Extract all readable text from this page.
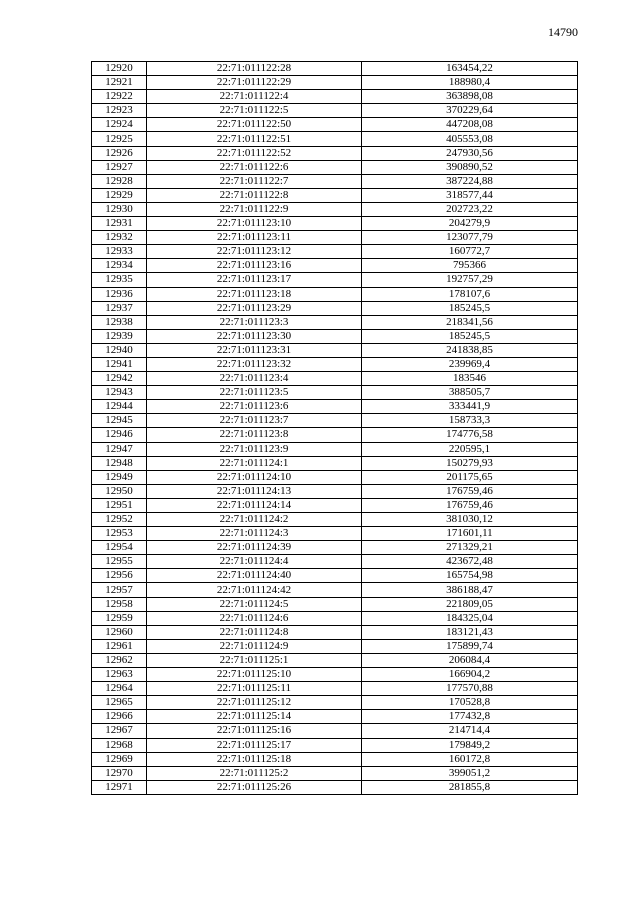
14790
12920	22:71:011122:28	163454,22
12921	22:71:011122:29	188980,4
12922	22:71:011122:4	363898,08
12923	22:71:011122:5	370229,64
12924	22:71:011122:50	447208,08
12925	22:71:011122:51	405553,08
12926	22:71:011122:52	247930,56
12927	22:71:011122:6	390890,52
12928	22:71:011122:7	387224,88
12929	22:71:011122:8	318577,44
12930	22:71:011122:9	202723,22
12931	22:71:011123:10	204279,9
12932	22:71:011123:11	123077,79
12933	22:71:011123:12	160772,7
12934	22:71:011123:16	795366
12935	22:71:011123:17	192757,29
12936	22:71:011123:18	178107,6
12937	22:71:011123:29	185245,5
12938	22:71:011123:3	218341,56
12939	22:71:011123:30	185245,5
12940	22:71:011123:31	241838,85
12941	22:71:011123:32	239969,4
12942	22:71:011123:4	183546
12943	22:71:011123:5	388505,7
12944	22:71:011123:6	333441,9
12945	22:71:011123:7	158733,3
12946	22:71:011123:8	174776,58
12947	22:71:011123:9	220595,1
12948	22:71:011124:1	150279,93
12949	22:71:011124:10	201175,65
12950	22:71:011124:13	176759,46
12951	22:71:011124:14	176759,46
12952	22:71:011124:2	381030,12
12953	22:71:011124:3	171601,11
12954	22:71:011124:39	271329,21
12955	22:71:011124:4	423672,48
12956	22:71:011124:40	165754,98
12957	22:71:011124:42	386188,47
12958	22:71:011124:5	221809,05
12959	22:71:011124:6	184325,04
12960	22:71:011124:8	183121,43
12961	22:71:011124:9	175899,74
12962	22:71:011125:1	206084,4
12963	22:71:011125:10	166904,2
12964	22:71:011125:11	177570,88
12965	22:71:011125:12	170528,8
12966	22:71:011125:14	177432,8
12967	22:71:011125:16	214714,4
12968	22:71:011125:17	179849,2
12969	22:71:011125:18	160172,8
12970	22:71:011125:2	399051,2
12971	22:71:011125:26	281855,8
